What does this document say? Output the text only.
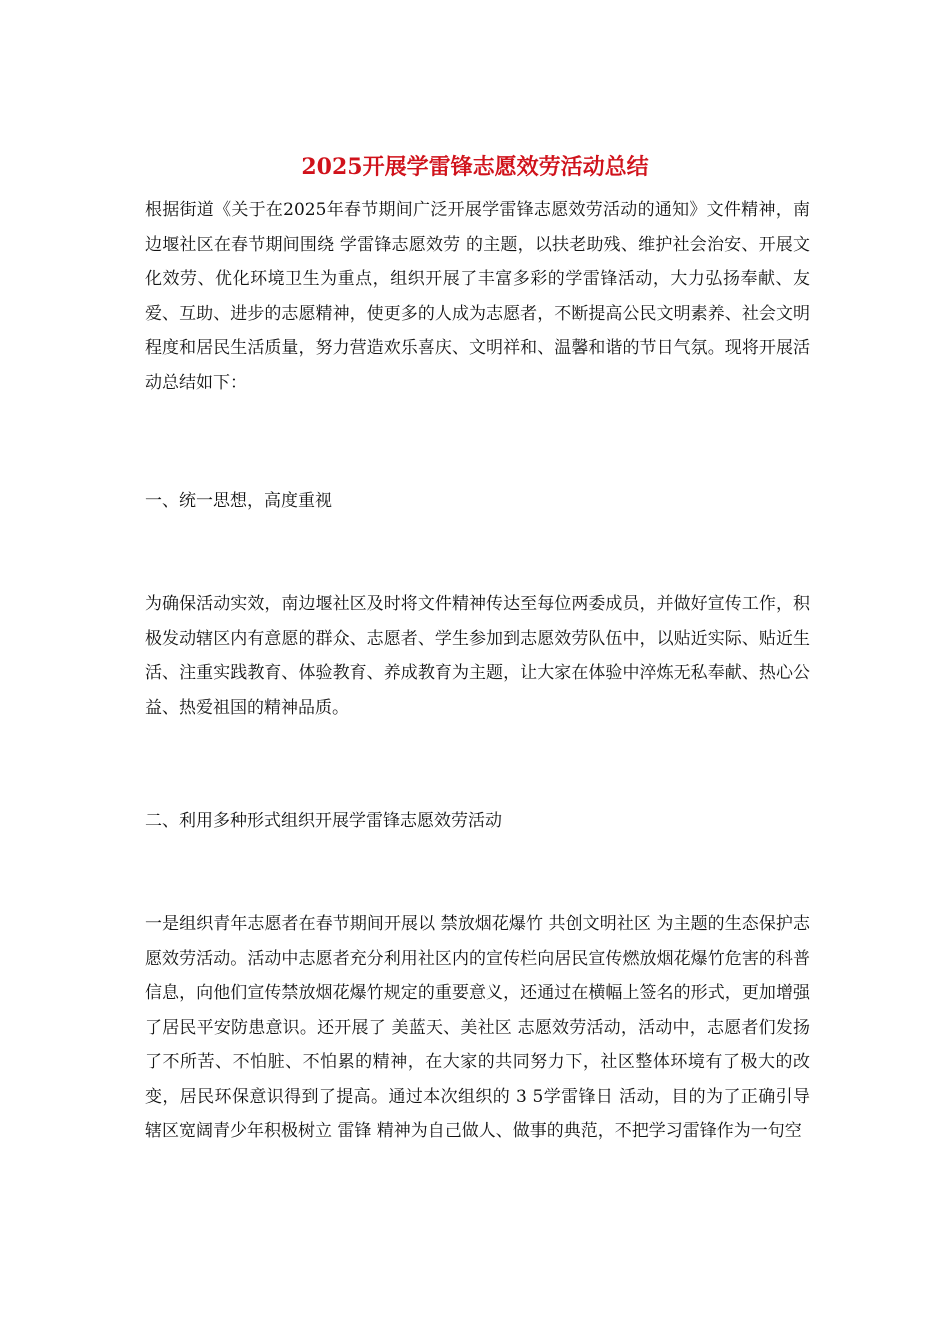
2025开展学雷锋志愿效劳活动总结
根据街道《关于在2025年春节期间广泛开展学雷锋志愿效劳活动的通知》文件精神，南边堰社区在春节期间围绕 学雷锋志愿效劳 的主题，以扶老助残、维护社会治安、开展文化效劳、优化环境卫生为重点，组织开展了丰富多彩的学雷锋活动，大力弘扬奉献、友爱、互助、进步的志愿精神，使更多的人成为志愿者，不断提高公民文明素养、社会文明程度和居民生活质量，努力营造欢乐喜庆、文明祥和、温馨和谐的节日气氛。现将开展活动总结如下：
一、统一思想，高度重视
为确保活动实效，南边堰社区及时将文件精神传达至每位两委成员，并做好宣传工作，积极发动辖区内有意愿的群众、志愿者、学生参加到志愿效劳队伍中，以贴近实际、贴近生活、注重实践教育、体验教育、养成教育为主题，让大家在体验中淬炼无私奉献、热心公益、热爱祖国的精神品质。
二、利用多种形式组织开展学雷锋志愿效劳活动
一是组织青年志愿者在春节期间开展以 禁放烟花爆竹 共创文明社区 为主题的生态保护志愿效劳活动。活动中志愿者充分利用社区内的宣传栏向居民宣传燃放烟花爆竹危害的科普信息，向他们宣传禁放烟花爆竹规定的重要意义，还通过在横幅上签名的形式，更加增强了居民平安防患意识。还开展了 美蓝天、美社区 志愿效劳活动，活动中，志愿者们发扬了不所苦、不怕脏、不怕累的精神，在大家的共同努力下，社区整体环境有了极大的改变，居民环保意识得到了提高。通过本次组织的 3 5学雷锋日 活动，目的为了正确引导辖区宽阔青少年积极树立 雷锋 精神为自己做人、做事的典范，不把学习雷锋作为一句空
